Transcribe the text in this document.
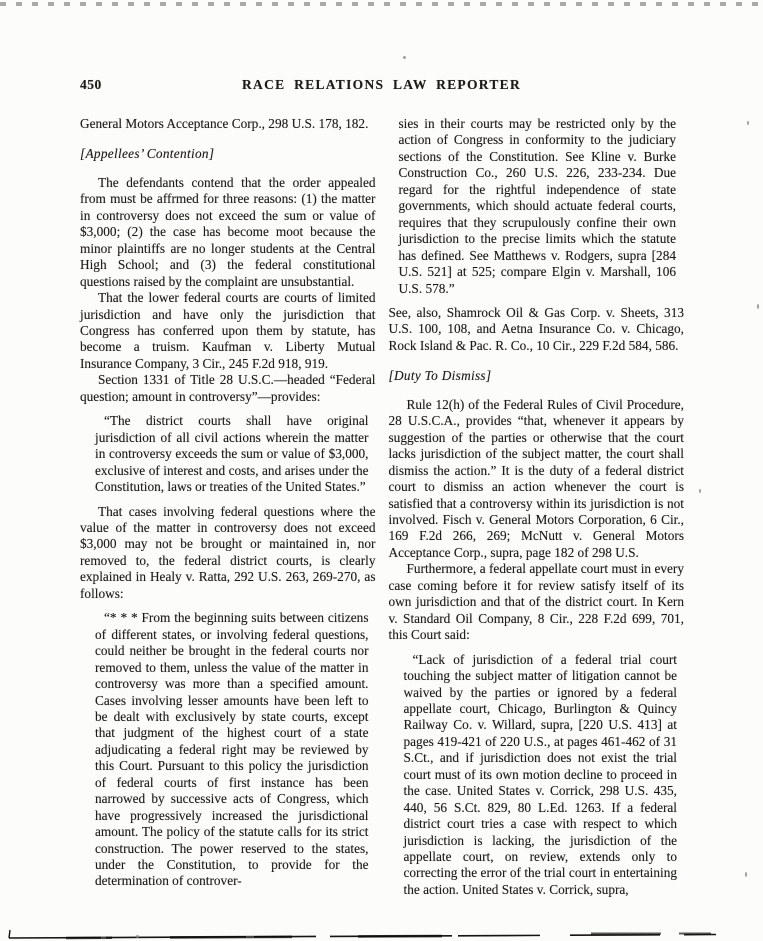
450	RACE RELATIONS LAW REPORTER
General Motors Acceptance Corp., 298 U.S. 178, 182.
[Appellees’ Contention]
The defendants contend that the order appealed from must be affrmed for three reasons: (1) the matter in controversy does not exceed the sum or value of $3,000; (2) the case has become moot because the minor plaintiffs are no longer students at the Central High School; and (3) the federal constitutional questions raised by the complaint are unsubstantial.
That the lower federal courts are courts of limited jurisdiction and have only the jurisdiction that Congress has conferred upon them by statute, has become a truism. Kaufman v. Liberty Mutual Insurance Company, 3 Cir., 245 F.2d 918, 919.
Section 1331 of Title 28 U.S.C.—headed “Federal question; amount in controversy”—provides:
“The district courts shall have original jurisdiction of all civil actions wherein the matter in controversy exceeds the sum or value of $3,000, exclusive of interest and costs, and arises under the Constitution, laws or treaties of the United States.”
That cases involving federal questions where the value of the matter in controversy does not exceed $3,000 may not be brought or maintained in, nor removed to, the federal district courts, is clearly explained in Healy v. Ratta, 292 U.S. 263, 269-270, as follows:
“* * * From the beginning suits between citizens of different states, or involving federal questions, could neither be brought in the federal courts nor removed to them, unless the value of the matter in controversy was more than a specified amount. Cases involving lesser amounts have been left to be dealt with exclusively by state courts, except that judgment of the highest court of a state adjudicating a federal right may be reviewed by this Court. Pursuant to this policy the jurisdiction of federal courts of first instance has been narrowed by successive acts of Congress, which have progressively increased the jurisdictional amount. The policy of the statute calls for its strict construction. The power reserved to the states, under the Constitution, to provide for the determination of controver-
sies in their courts may be restricted only by the action of Congress in conformity to the judiciary sections of the Constitution. See Kline v. Burke Construction Co., 260 U.S. 226, 233-234. Due regard for the rightful independence of state governments, which should actuate federal courts, requires that they scrupulously confine their own jurisdiction to the precise limits which the statute has defined. See Matthews v. Rodgers, supra [284 U.S. 521] at 525; compare Elgin v. Marshall, 106 U.S. 578.”
See, also, Shamrock Oil & Gas Corp. v. Sheets, 313 U.S. 100, 108, and Aetna Insurance Co. v. Chicago, Rock Island & Pac. R. Co., 10 Cir., 229 F.2d 584, 586.
[Duty To Dismiss]
Rule 12(h) of the Federal Rules of Civil Procedure, 28 U.S.C.A., provides “that, whenever it appears by suggestion of the parties or otherwise that the court lacks jurisdiction of the subject matter, the court shall dismiss the action.” It is the duty of a federal district court to dismiss an action whenever the court is satisfied that a controversy within its jurisdiction is not involved. Fisch v. General Motors Corporation, 6 Cir., 169 F.2d 266, 269; McNutt v. General Motors Acceptance Corp., supra, page 182 of 298 U.S.
Furthermore, a federal appellate court must in every case coming before it for review satisfy itself of its own jurisdiction and that of the district court. In Kern v. Standard Oil Company, 8 Cir., 228 F.2d 699, 701, this Court said:
“Lack of jurisdiction of a federal trial court touching the subject matter of litigation cannot be waived by the parties or ignored by a federal appellate court, Chicago, Burlington & Quincy Railway Co. v. Willard, supra, [220 U.S. 413] at pages 419-421 of 220 U.S., at pages 461-462 of 31 S.Ct., and if jurisdiction does not exist the trial court must of its own motion decline to proceed in the case. United States v. Corrick, 298 U.S. 435, 440, 56 S.Ct. 829, 80 L.Ed. 1263. If a federal district court tries a case with respect to which jurisdiction is lacking, the jurisdiction of the appellate court, on review, extends only to correcting the error of the trial court in entertaining the action. United States v. Corrick, supra,
